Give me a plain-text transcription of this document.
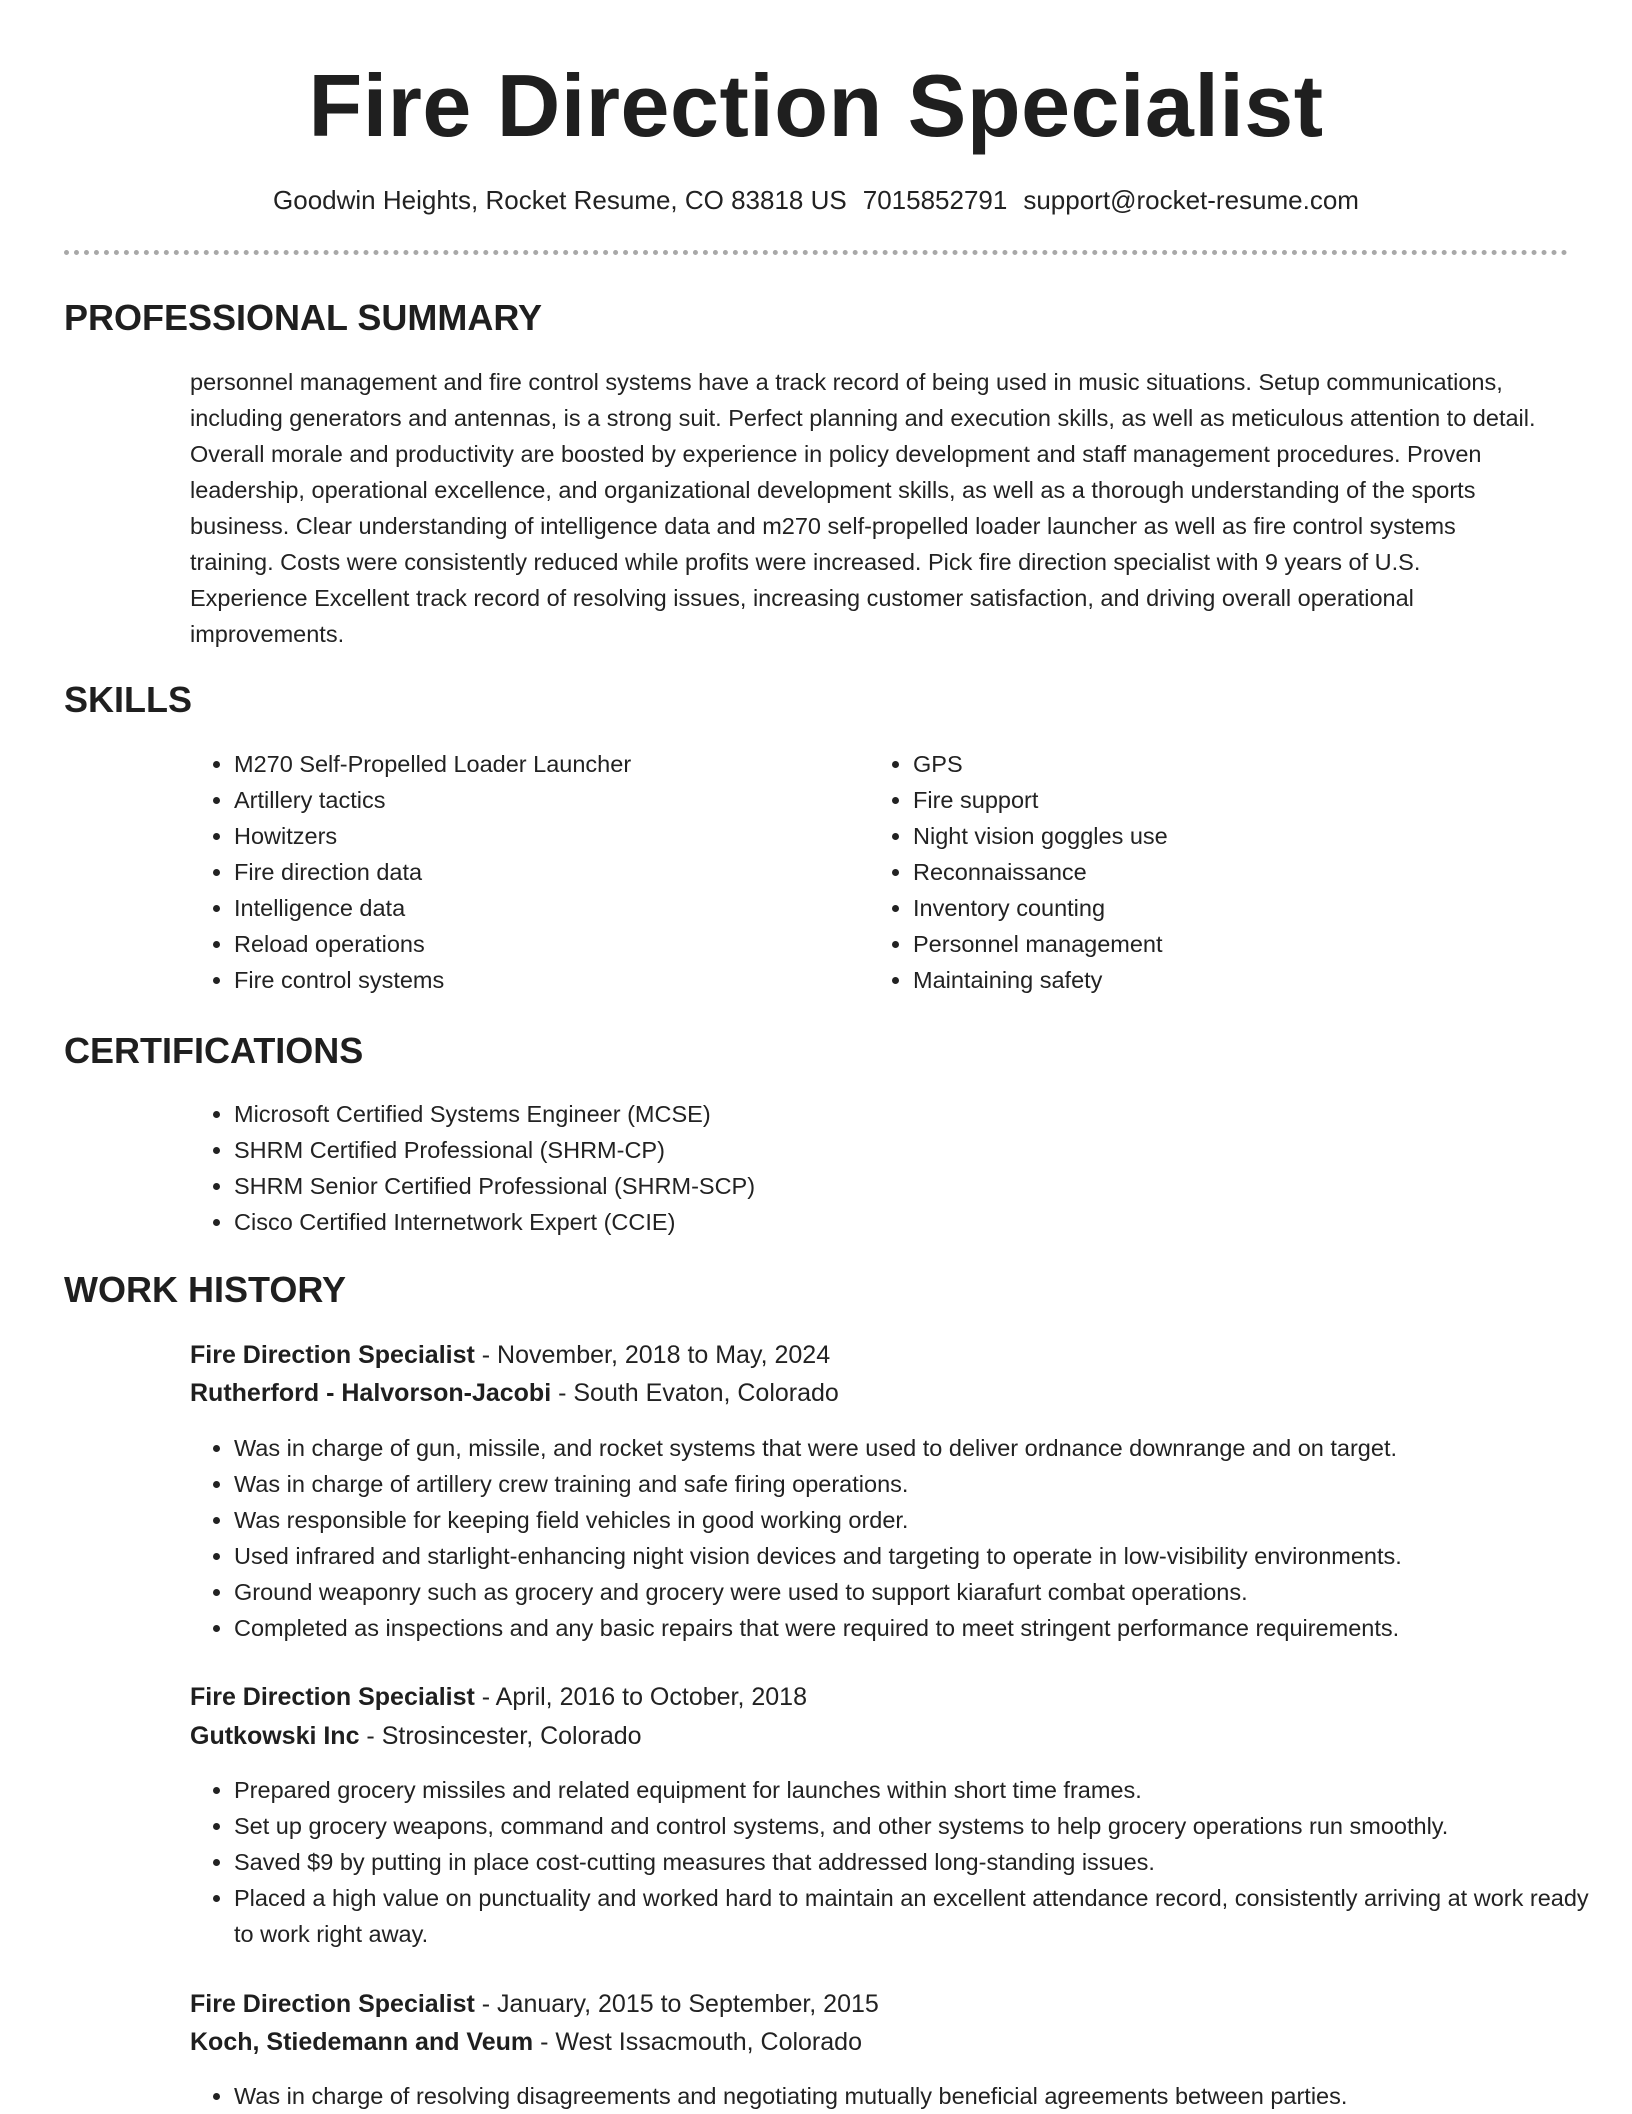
Fire Direction Specialist
Goodwin Heights, Rocket Resume, CO 83818 US 7015852791 support@rocket-resume.com
PROFESSIONAL SUMMARY

personnel management and fire control systems have a track record of being used in music situations. Setup communications, including generators and antennas, is a strong suit. Perfect planning and execution skills, as well as meticulous attention to detail. Overall morale and productivity are boosted by experience in policy development and staff management procedures. Proven leadership, operational excellence, and organizational development skills, as well as a thorough understanding of the sports business. Clear understanding of intelligence data and m270 self-propelled loader launcher as well as fire control systems training. Costs were consistently reduced while profits were increased. Pick fire direction specialist with 9 years of U.S. Experience Excellent track record of resolving issues, increasing customer satisfaction, and driving overall operational improvements.

SKILLS
• M270 Self-Propelled Loader Launcher
• Artillery tactics
• Howitzers
• Fire direction data
• Intelligence data
• Reload operations
• Fire control systems
• GPS
• Fire support
• Night vision goggles use
• Reconnaissance
• Inventory counting
• Personnel management
• Maintaining safety
CERTIFICATIONS
• Microsoft Certified Systems Engineer (MCSE)
• SHRM Certified Professional (SHRM-CP)
• SHRM Senior Certified Professional (SHRM-SCP)
• Cisco Certified Internetwork Expert (CCIE)
WORK HISTORY
Fire Direction Specialist - November, 2018 to May, 2024
Rutherford - Halvorson-Jacobi - South Evaton, Colorado
• Was in charge of gun, missile, and rocket systems that were used to deliver ordnance downrange and on target.
• Was in charge of artillery crew training and safe firing operations.
• Was responsible for keeping field vehicles in good working order.
• Used infrared and starlight-enhancing night vision devices and targeting to operate in low-visibility environments.
• Ground weaponry such as grocery and grocery were used to support kiarafurt combat operations.
• Completed as inspections and any basic repairs that were required to meet stringent performance requirements.
Fire Direction Specialist - April, 2016 to October, 2018
Gutkowski Inc - Strosincester, Colorado
• Prepared grocery missiles and related equipment for launches within short time frames.
• Set up grocery weapons, command and control systems, and other systems to help grocery operations run smoothly.
• Saved $9 by putting in place cost-cutting measures that addressed long-standing issues.
• Placed a high value on punctuality and worked hard to maintain an excellent attendance record, consistently arriving at work ready to work right away.
Fire Direction Specialist - January, 2015 to September, 2015
Koch, Stiedemann and Veum - West Issacmouth, Colorado
• Was in charge of resolving disagreements and negotiating mutually beneficial agreements between parties.
